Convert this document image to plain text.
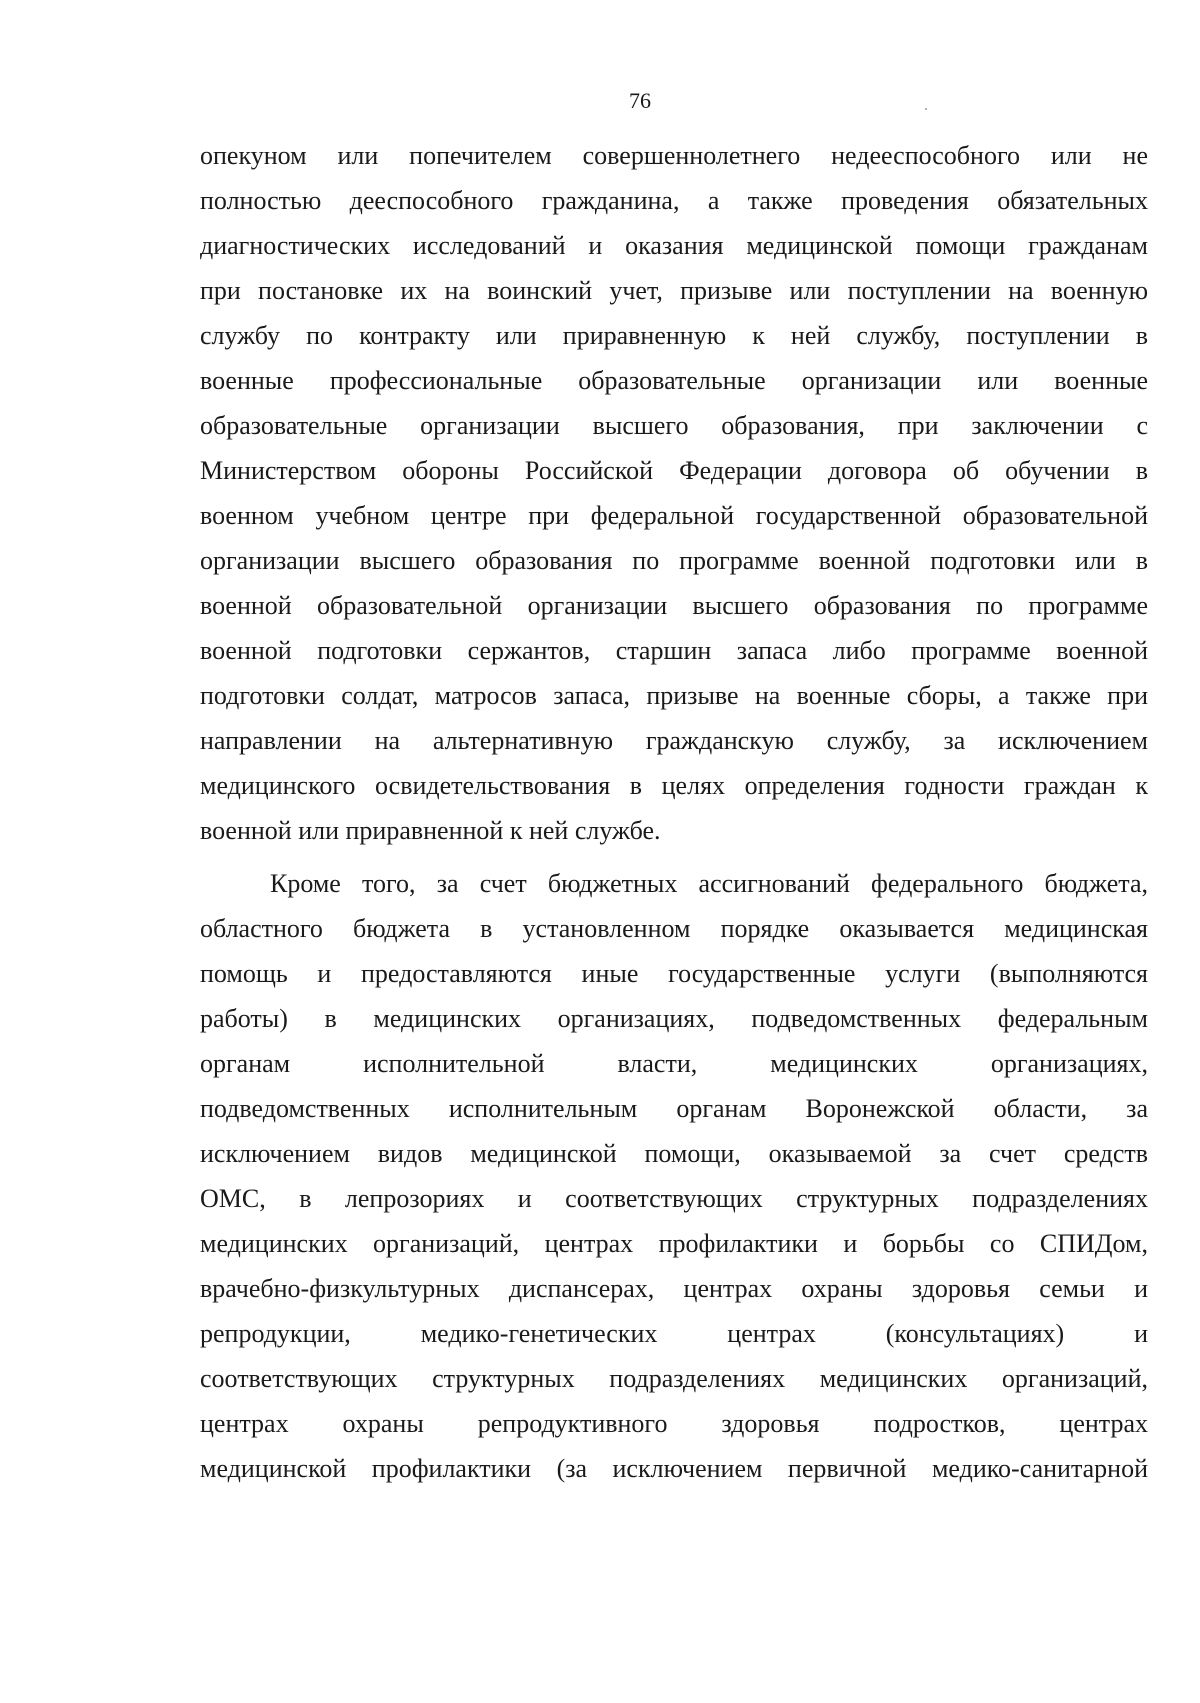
76
опекуном или попечителем совершеннолетнего недееспособного или не
полностью дееспособного гражданина, а также проведения обязательных
диагностических исследований и оказания медицинской помощи гражданам
при постановке их на воинский учет, призыве или поступлении на военную
службу по контракту или приравненную к ней службу, поступлении в
военные профессиональные образовательные организации или военные
образовательные организации высшего образования, при заключении с
Министерством обороны Российской Федерации договора об обучении в
военном учебном центре при федеральной государственной образовательной
организации высшего образования по программе военной подготовки или в
военной образовательной организации высшего образования по программе
военной подготовки сержантов, старшин запаса либо программе военной
подготовки солдат, матросов запаса, призыве на военные сборы, а также при
направлении на альтернативную гражданскую службу, за исключением
медицинского освидетельствования в целях определения годности граждан к
военной или приравненной к ней службе.
Кроме того, за счет бюджетных ассигнований федерального бюджета,
областного бюджета в установленном порядке оказывается медицинская
помощь и предоставляются иные государственные услуги (выполняются
работы) в медицинских организациях, подведомственных федеральным
органам исполнительной власти, медицинских организациях,
подведомственных исполнительным органам Воронежской области, за
исключением видов медицинской помощи, оказываемой за счет средств
ОМС, в лепрозориях и соответствующих структурных подразделениях
медицинских организаций, центрах профилактики и борьбы со СПИДом,
врачебно-физкультурных диспансерах, центрах охраны здоровья семьи и
репродукции, медико-генетических центрах (консультациях) и
соответствующих структурных подразделениях медицинских организаций,
центрах охраны репродуктивного здоровья подростков, центрах
медицинской профилактики (за исключением первичной медико-санитарной
